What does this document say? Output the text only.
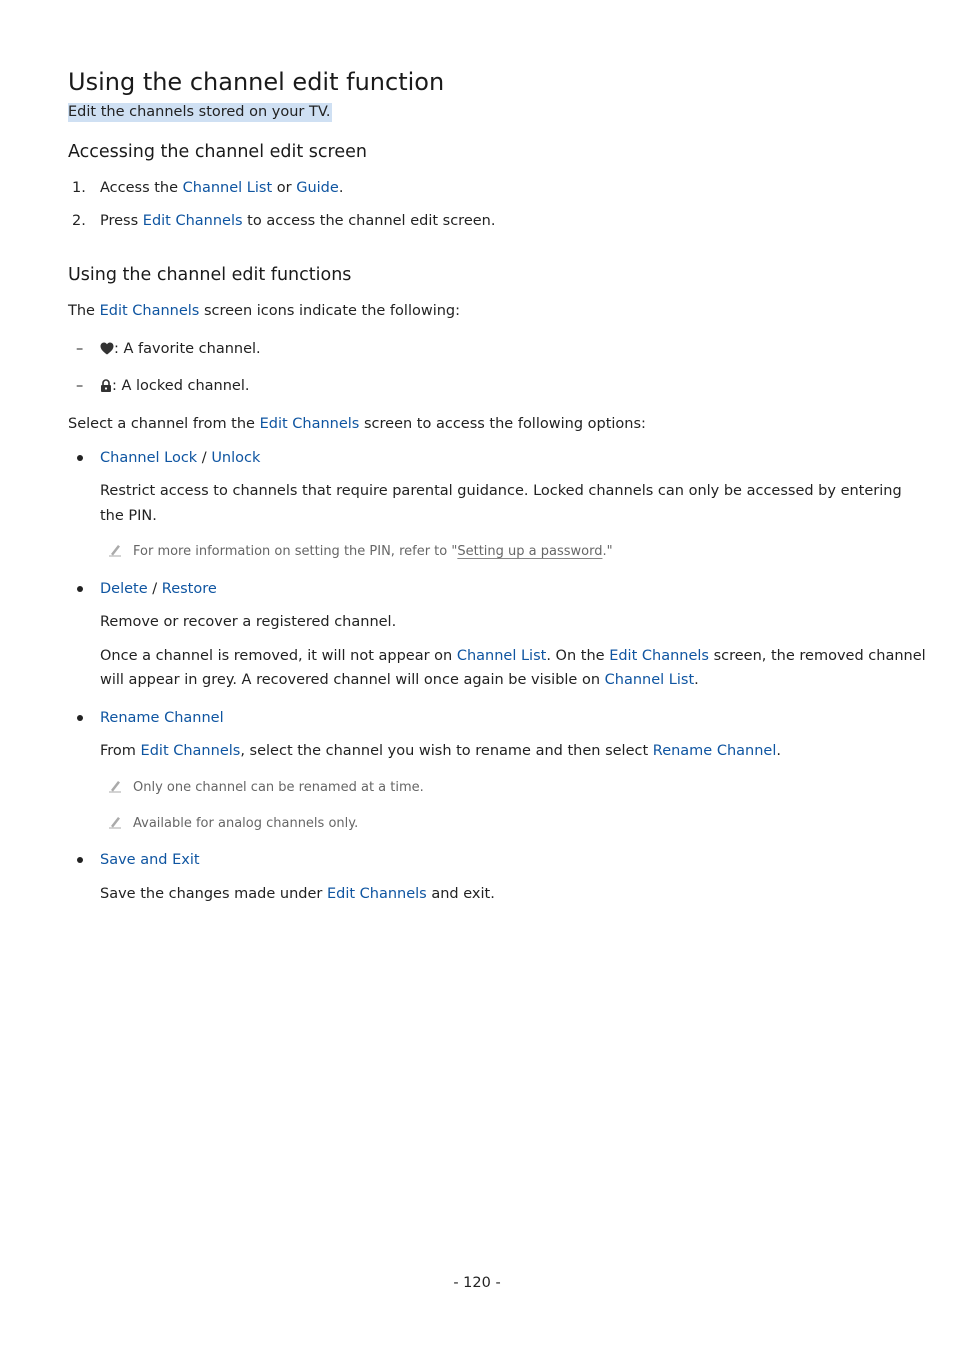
Using the channel edit function
Edit the channels stored on your TV.
Accessing the channel edit screen
1. Access the Channel List or Guide.
2. Press Edit Channels to access the channel edit screen.
Using the channel edit functions
The Edit Channels screen icons indicate the following:
–	: A favorite channel.
–	: A locked channel.
Select a channel from the Edit Channels screen to access the following options:
Channel Lock / Unlock
Restrict access to channels that require parental guidance. Locked channels can only be accessed by entering
the PIN.
For more information on setting the PIN, refer to "Setting up a password."
Delete / Restore
Remove or recover a registered channel.
Once a channel is removed, it will not appear on Channel List. On the Edit Channels screen, the removed channel
will appear in grey. A recovered channel will once again be visible on Channel List.
Rename Channel
From Edit Channels, select the channel you wish to rename and then select Rename Channel.
Only one channel can be renamed at a time.
Available for analog channels only.
Save and Exit
Save the changes made under Edit Channels and exit.
- 120 -
